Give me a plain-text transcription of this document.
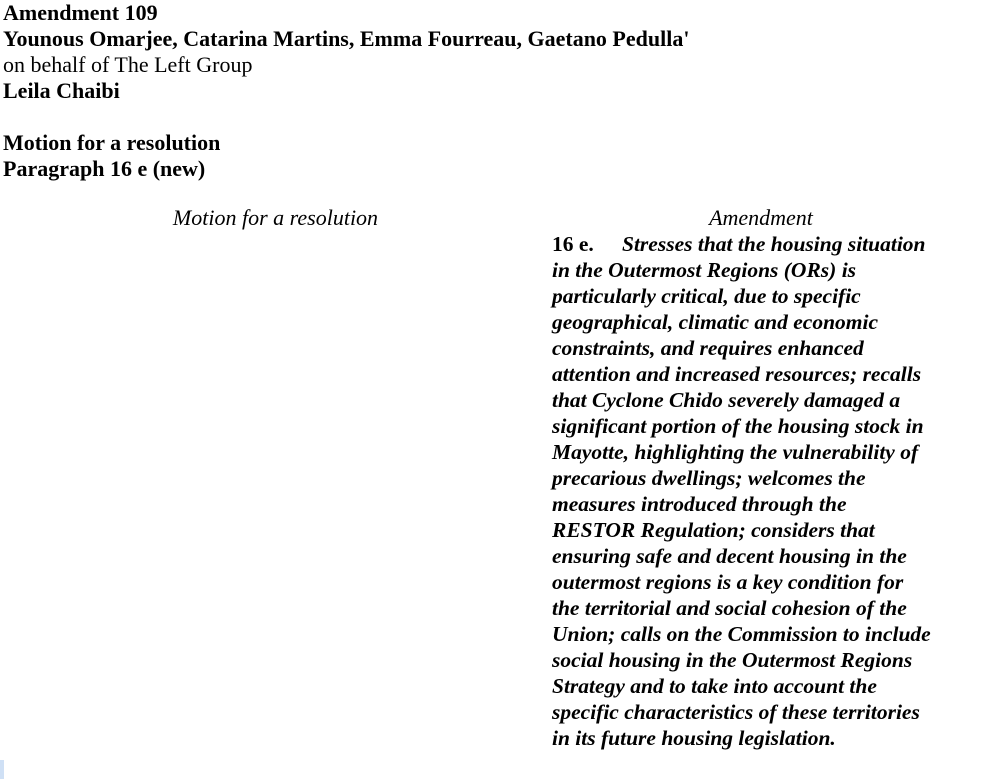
Amendment 109
Younous Omarjee, Catarina Martins, Emma Fourreau, Gaetano Pedulla'
on behalf of The Left Group
Leila Chaibi
Motion for a resolution
Paragraph 16 e (new)
Motion for a resolution	Amendment
16 e. Stresses that the housing situation
in the Outermost Regions (ORs) is
particularly critical, due to specific
geographical, climatic and economic
constraints, and requires enhanced
attention and increased resources; recalls
that Cyclone Chido severely damaged a
significant portion of the housing stock in
Mayotte, highlighting the vulnerability of
precarious dwellings; welcomes the
measures introduced through the
RESTOR Regulation; considers that
ensuring safe and decent housing in the
outermost regions is a key condition for
the territorial and social cohesion of the
Union; calls on the Commission to include
social housing in the Outermost Regions
Strategy and to take into account the
specific characteristics of these territories
in its future housing legislation.
